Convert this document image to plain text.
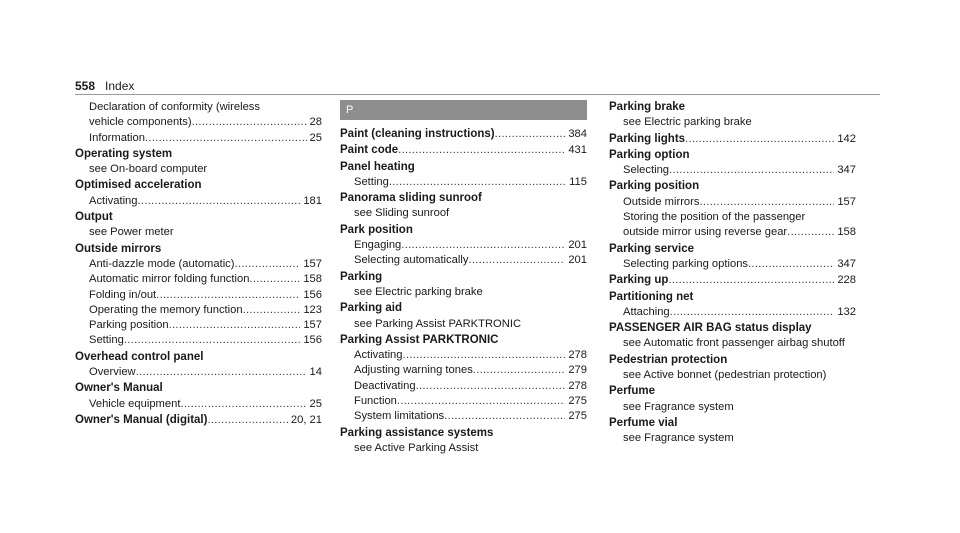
558 Index
Declaration of conformity (wireless
vehicle components) .....	28
Information .....	25
Operating system
see On-board computer
Optimised acceleration
Activating .....	181
Output
see Power meter
Outside mirrors
Anti-dazzle mode (automatic) .....	157
Automatic mirror folding function .....	158
Folding in/out .....	156
Operating the memory function .....	123
Parking position .....	157
Setting .....	156
Overhead control panel
Overview .....	14
Owner's Manual
Vehicle equipment .....	25
Owner's Manual (digital) .....	20, 21
P
Paint (cleaning instructions) .....	384
Paint code .....	431
Panel heating
Setting .....	115
Panorama sliding sunroof
see Sliding sunroof
Park position
Engaging .....	201
Selecting automatically .....	201
Parking
see Electric parking brake
Parking aid
see Parking Assist PARKTRONIC
Parking Assist PARKTRONIC
Activating .....	278
Adjusting warning tones .....	279
Deactivating .....	278
Function .....	275
System limitations .....	275
Parking assistance systems
see Active Parking Assist
Parking brake
see Electric parking brake
Parking lights .....	142
Parking option
Selecting .....	347
Parking position
Outside mirrors .....	157
Storing the position of the passenger
outside mirror using reverse gear .....	158
Parking service
Selecting parking options .....	347
Parking up .....	228
Partitioning net
Attaching .....	132
PASSENGER AIR BAG status display
see Automatic front passenger airbag shutoff
Pedestrian protection
see Active bonnet (pedestrian protection)
Perfume
see Fragrance system
Perfume vial
see Fragrance system
